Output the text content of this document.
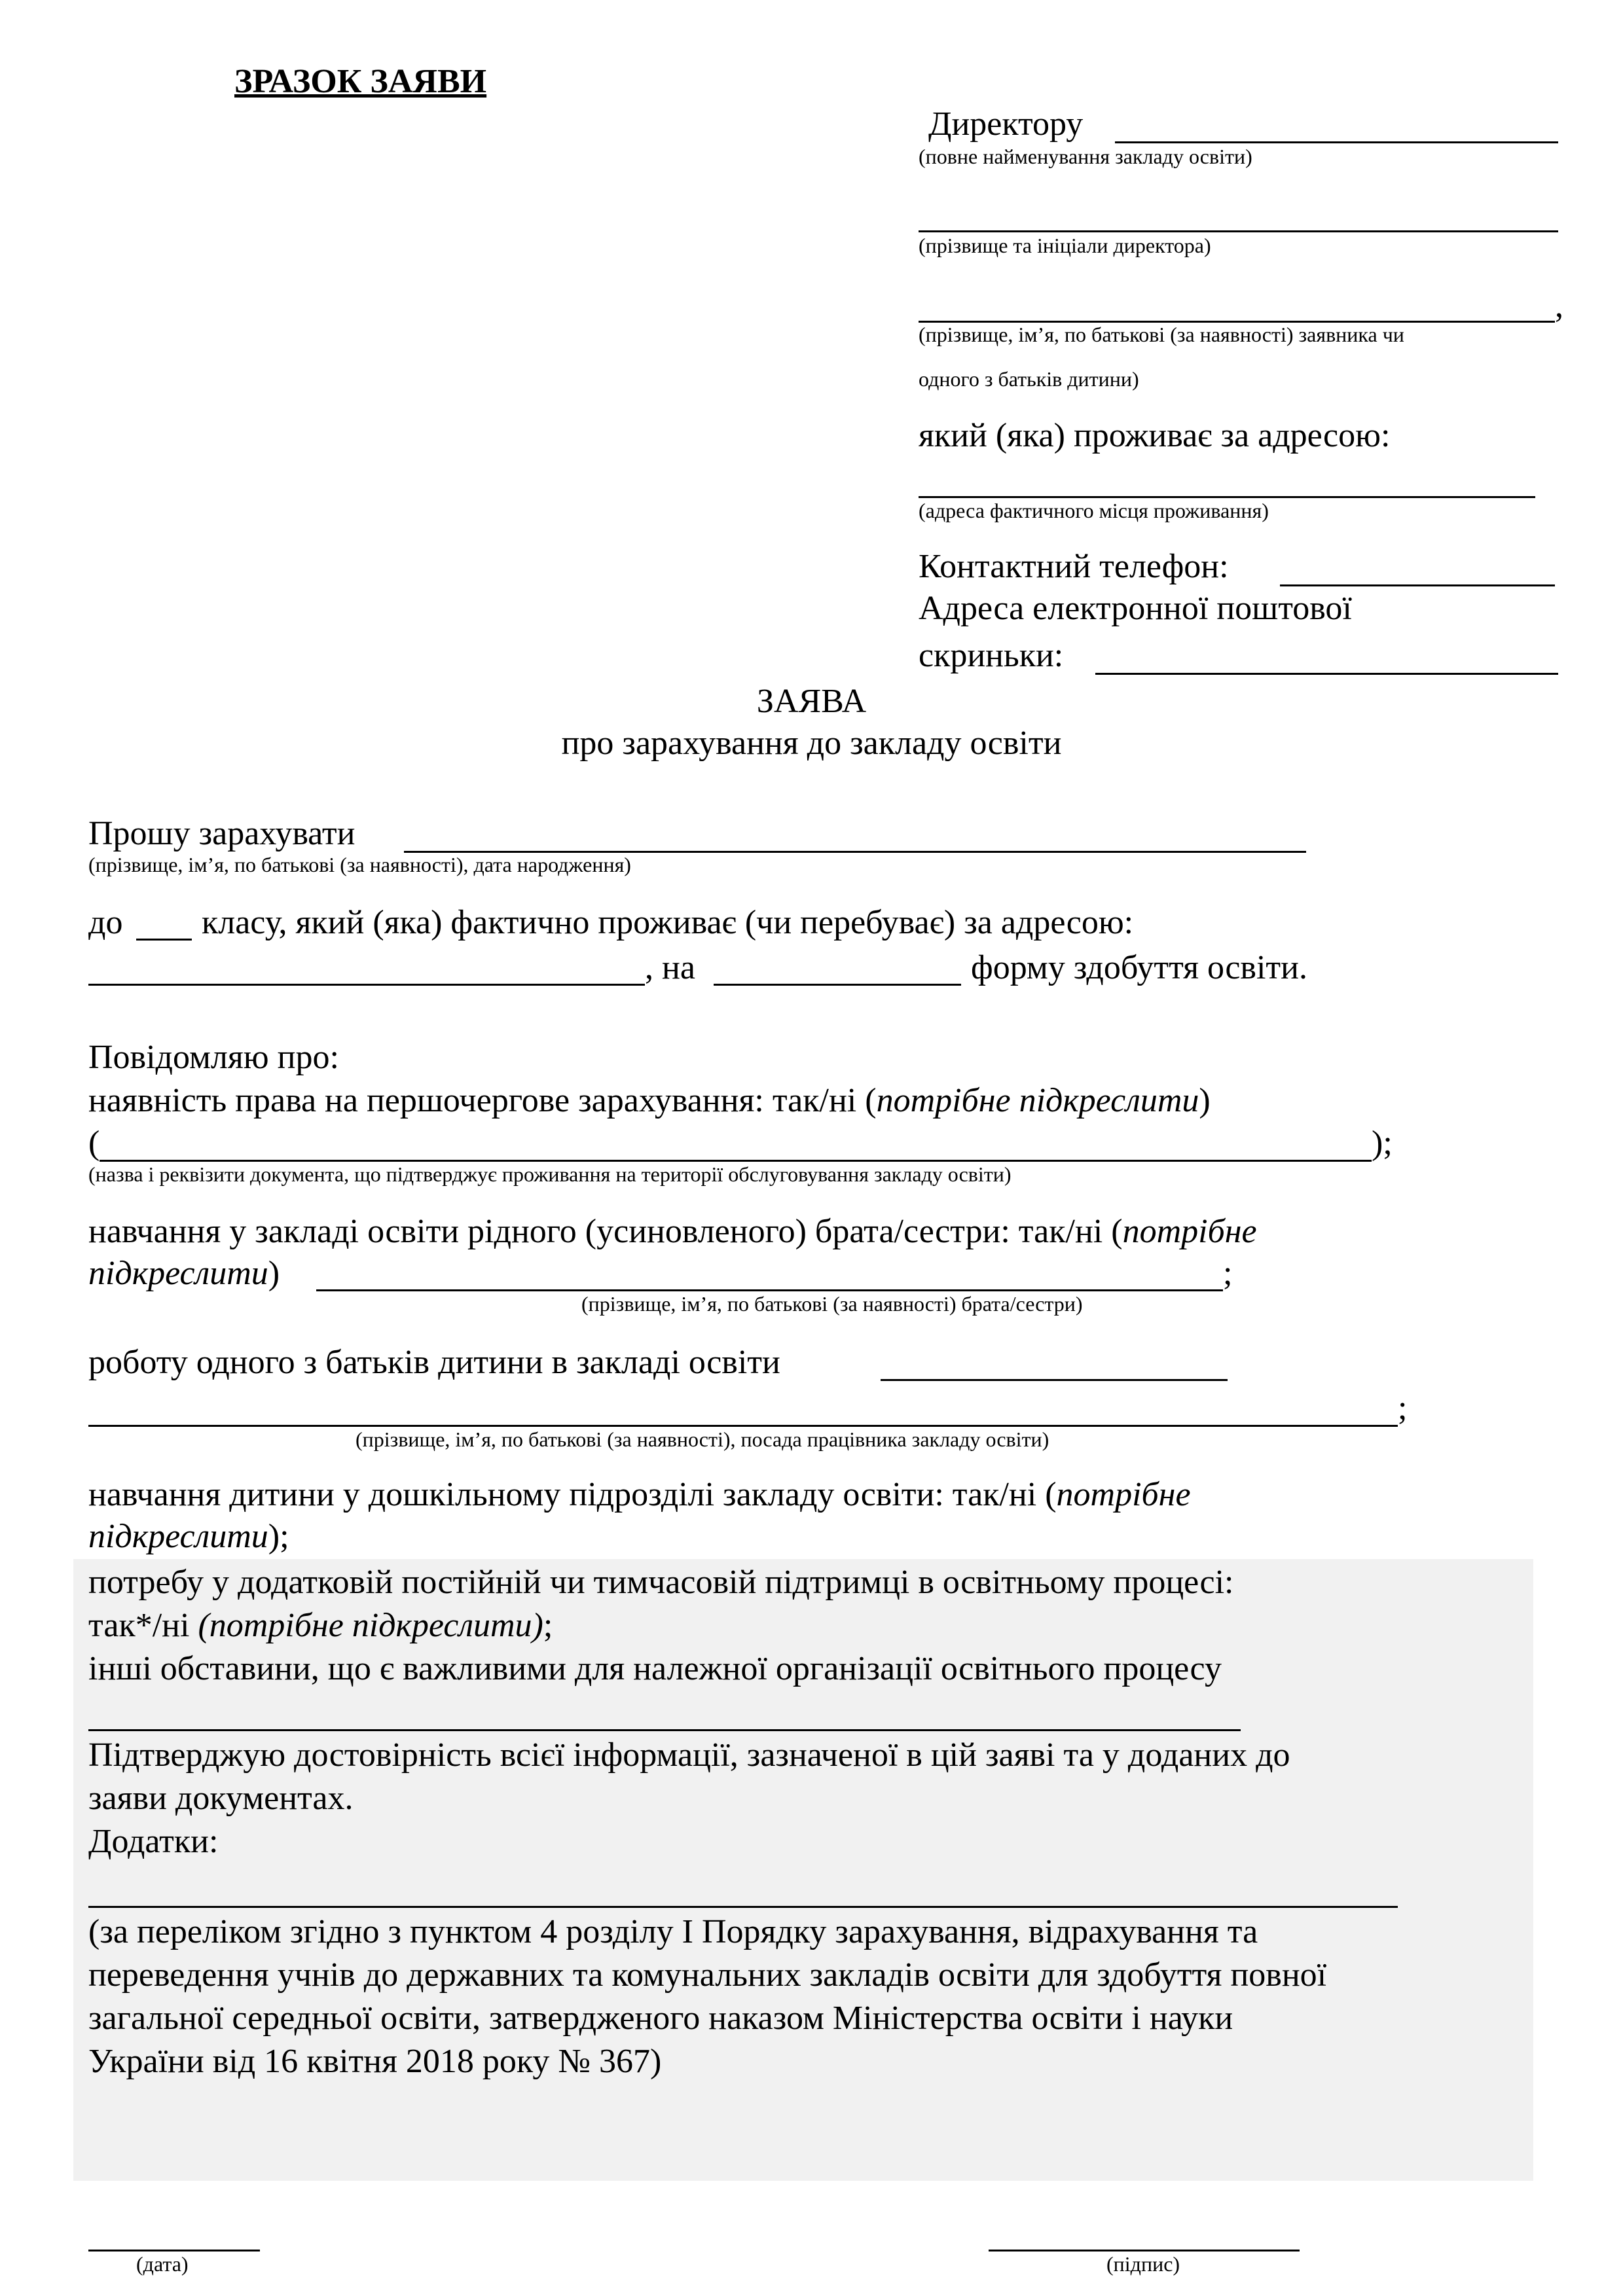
ЗРАЗОК ЗАЯВИ
Директору
(повне найменування закладу освіти)
(прізвище та ініціали директора)
,
(прізвище, ім’я, по батькові (за наявності) заявника чи
одного з батьків дитини)
який (яка) проживає за адресою:
(адреса фактичного місця проживання)
Контактний телефон:
Адреса електронної поштової
скриньки:
ЗАЯВА
про зарахування до закладу освіти
Прошу зарахувати
(прізвище, ім’я, по батькові (за наявності), дата народження)
до класу, який (яка) фактично проживає (чи перебуває) за адресою:
, на	форму здобуття освіти.
Повідомляю про:
наявність права на першочергове зарахування: так/ні (потрібне підкреслити)
(	);
(назва і реквізити документа, що підтверджує проживання на території обслуговування закладу освіти)
навчання у закладі освіти рідного (усиновленого) брата/сестри: так/ні (потрібне
підкреслити)	;
(прізвище, ім’я, по батькові (за наявності) брата/сестри)
роботу одного з батьків дитини в закладі освіти
;
(прізвище, ім’я, по батькові (за наявності), посада працівника закладу освіти)
навчання дитини у дошкільному підрозділі закладу освіти: так/ні (потрібне
підкреслити);
потребу у додатковій постійній чи тимчасовій підтримці в освітньому процесі:
так*/ні (потрібне підкреслити);
інші обставини, що є важливими для належної організації освітнього процесу
Підтверджую достовірність всієї інформації, зазначеної в цій заяві та у доданих до
заяви документах.
Додатки:
(за переліком згідно з пунктом 4 розділу І Порядку зарахування, відрахування та
переведення учнів до державних та комунальних закладів освіти для здобуття повної
загальної середньої освіти, затвердженого наказом Міністерства освіти і науки
України від 16 квітня 2018 року № 367)
(дата)	(підпис)
